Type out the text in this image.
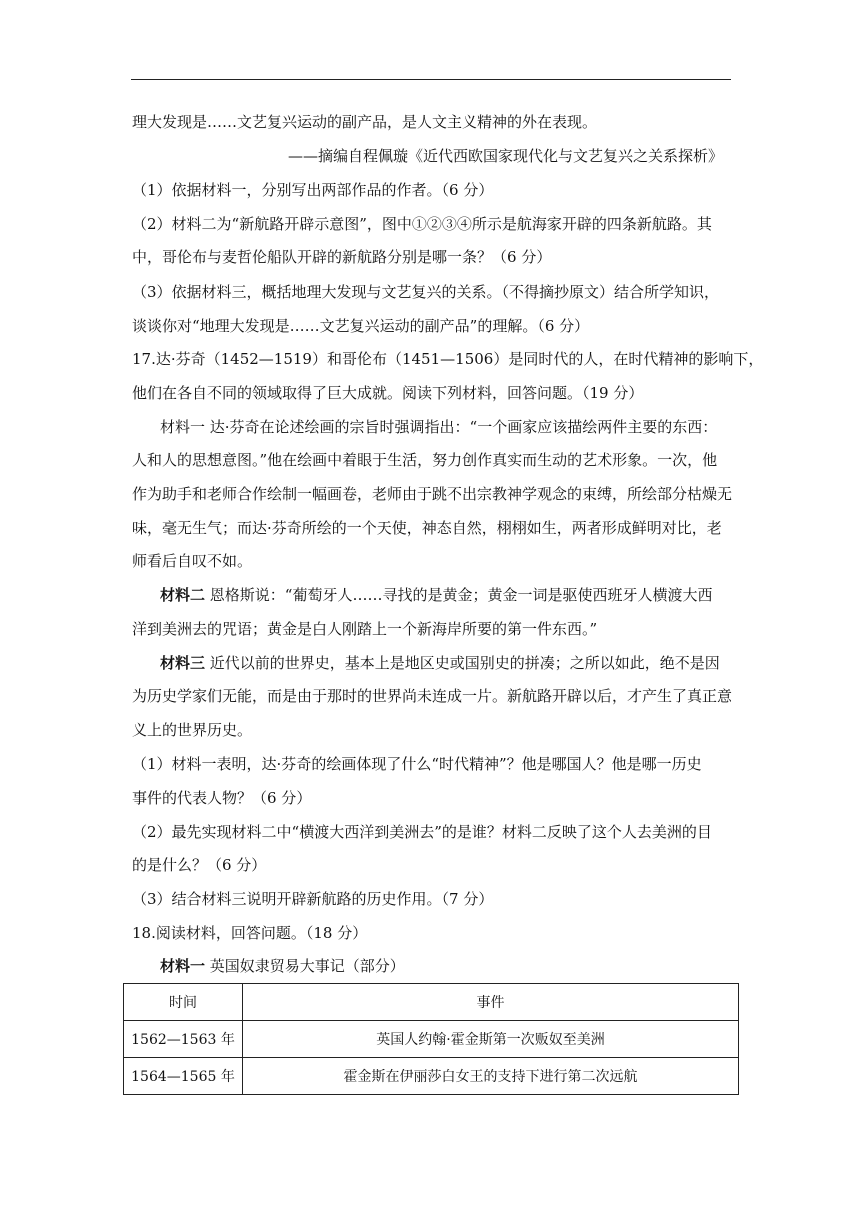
理大发现是……文艺复兴运动的副产品，是人文主义精神的外在表现。
——摘编自程佩璇《近代西欧国家现代化与文艺复兴之关系探析》
（1）依据材料一，分别写出两部作品的作者。（6 分）
（2）材料二为“新航路开辟示意图”，图中①②③④所示是航海家开辟的四条新航路。其
中，哥伦布与麦哲伦船队开辟的新航路分别是哪一条？（6 分）
（3）依据材料三，概括地理大发现与文艺复兴的关系。（不得摘抄原文）结合所学知识，
谈谈你对“地理大发现是……文艺复兴运动的副产品”的理解。（6 分）
17.达·芬奇（1452—1519）和哥伦布（1451—1506）是同时代的人，在时代精神的影响下，
他们在各自不同的领域取得了巨大成就。阅读下列材料，回答问题。（19 分）
材料一 达·芬奇在论述绘画的宗旨时强调指出：“一个画家应该描绘两件主要的东西：
人和人的思想意图。”他在绘画中着眼于生活，努力创作真实而生动的艺术形象。一次，他
作为助手和老师合作绘制一幅画卷，老师由于跳不出宗教神学观念的束缚，所绘部分枯燥无
味，毫无生气；而达·芬奇所绘的一个天使，神态自然，栩栩如生，两者形成鲜明对比，老
师看后自叹不如。
材料二 恩格斯说：“葡萄牙人……寻找的是黄金；黄金一词是驱使西班牙人横渡大西
洋到美洲去的咒语；黄金是白人刚踏上一个新海岸所要的第一件东西。”
材料三 近代以前的世界史，基本上是地区史或国别史的拼凑；之所以如此，绝不是因
为历史学家们无能，而是由于那时的世界尚未连成一片。新航路开辟以后，才产生了真正意
义上的世界历史。
（1）材料一表明，达·芬奇的绘画体现了什么“时代精神”？他是哪国人？他是哪一历史
事件的代表人物？（6 分）
（2）最先实现材料二中“横渡大西洋到美洲去”的是谁？材料二反映了这个人去美洲的目
的是什么？（6 分）
（3）结合材料三说明开辟新航路的历史作用。（7 分）
18.阅读材料，回答问题。（18 分）
材料一 英国奴隶贸易大事记（部分）
时间	事件
1562—1563 年	英国人约翰·霍金斯第一次贩奴至美洲
1564—1565 年	霍金斯在伊丽莎白女王的支持下进行第二次远航
